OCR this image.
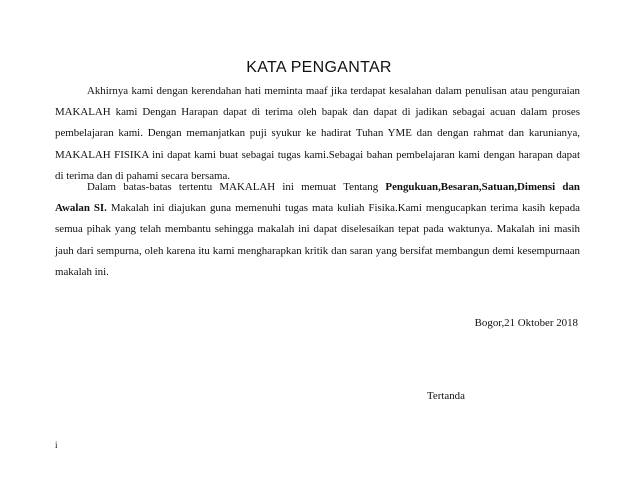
KATA PENGANTAR

Akhirnya kami dengan kerendahan hati meminta maaf jika terdapat kesalahan dalam penulisan atau penguraian MAKALAH kami Dengan Harapan dapat di terima oleh bapak dan dapat di jadikan sebagai acuan dalam proses pembelajaran kami. Dengan memanjatkan puji syukur ke hadirat Tuhan YME dan dengan rahmat dan karunianya, MAKALAH FISIKA ini dapat kami buat sebagai tugas kami.Sebagai bahan pembelajaran kami dengan harapan dapat di terima dan di pahami secara bersama.

Dalam batas-batas tertentu MAKALAH ini memuat Tentang Pengukuan,Besaran,Satuan,Dimensi dan Awalan SI. Makalah ini diajukan guna memenuhi tugas mata kuliah Fisika.Kami mengucapkan terima kasih kepada semua pihak yang telah membantu sehingga makalah ini dapat diselesaikan tepat pada waktunya. Makalah ini masih jauh dari sempurna, oleh karena itu kami mengharapkan kritik dan saran yang bersifat membangun demi kesempurnaan makalah ini.

Bogor,21 Oktober 2018
Tertanda
i
